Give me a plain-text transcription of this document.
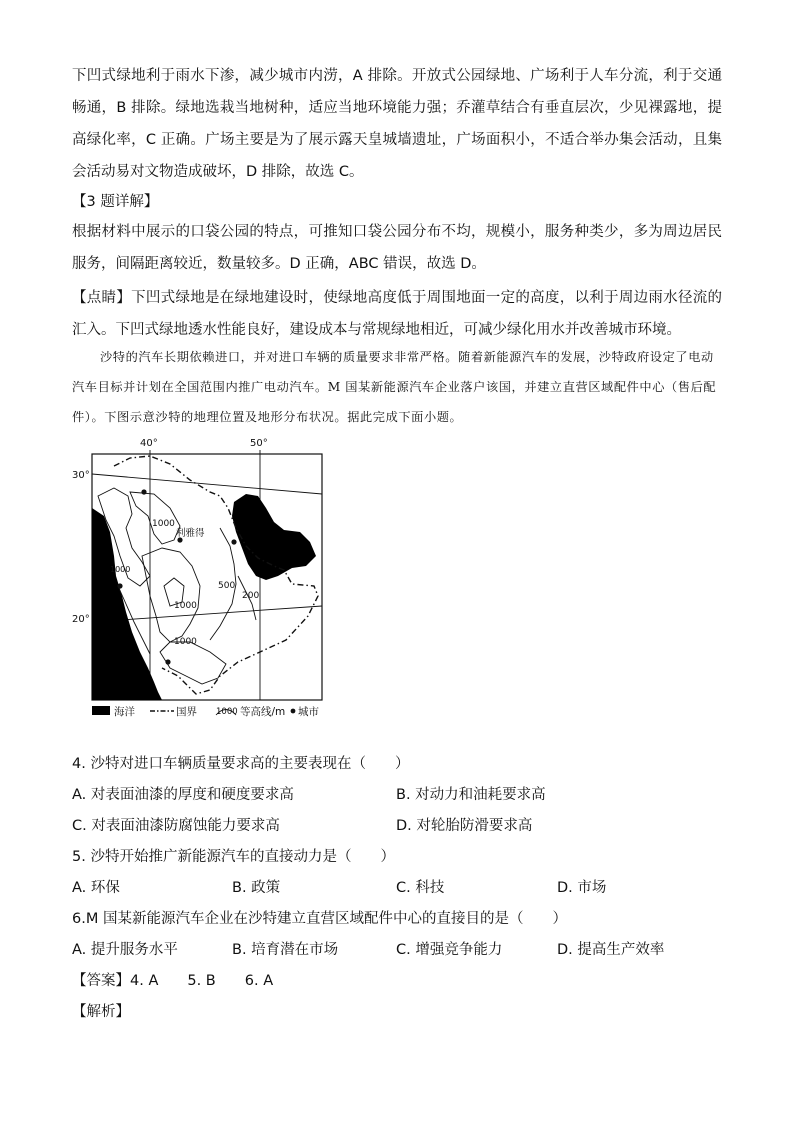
下凹式绿地利于雨水下渗，减少城市内涝，A 排除。开放式公园绿地、广场利于人车分流，利于交通畅通，B 排除。绿地选栽当地树种，适应当地环境能力强；乔灌草结合有垂直层次，少见裸露地，提高绿化率，C 正确。广场主要是为了展示露天皇城墙遗址，广场面积小，不适合举办集会活动，且集会活动易对文物造成破坏，D 排除，故选 C。
【3 题详解】
根据材料中展示的口袋公园的特点，可推知口袋公园分布不均，规模小，服务种类少，多为周边居民服务，间隔距离较近，数量较多。D 正确，ABC 错误，故选 D。
【点睛】下凹式绿地是在绿地建设时，使绿地高度低于周围地面一定的高度，以利于周边雨水径流的汇入。下凹式绿地透水性能良好，建设成本与常规绿地相近，可减少绿化用水并改善城市环境。
沙特的汽车长期依赖进口，并对进口车辆的质量要求非常严格。随着新能源汽车的发展，沙特政府设定了电动汽车目标并计划在全国范围内推广电动汽车。M 国某新能源汽车企业落户该国，并建立直营区域配件中心（售后配件）。下图示意沙特的地理位置及地形分布状况。据此完成下面小题。
40°	50°
30°
20°
1000
1000
1000
500
200
1000
利雅得
海洋	国界 1000 等高线/m 城市
4. 沙特对进口车辆质量要求高的主要表现在（　　）
A. 对表面油漆的厚度和硬度要求高	B. 对动力和油耗要求高
C. 对表面油漆防腐蚀能力要求高	D. 对轮胎防滑要求高
5. 沙特开始推广新能源汽车的直接动力是（　　）
A. 环保	B. 政策	C. 科技	D. 市场
6.M 国某新能源汽车企业在沙特建立直营区域配件中心的直接目的是（　　）
A. 提升服务水平	B. 培育潜在市场	C. 增强竞争能力	D. 提高生产效率
【答案】4. A　　5. B　　6. A
【解析】
